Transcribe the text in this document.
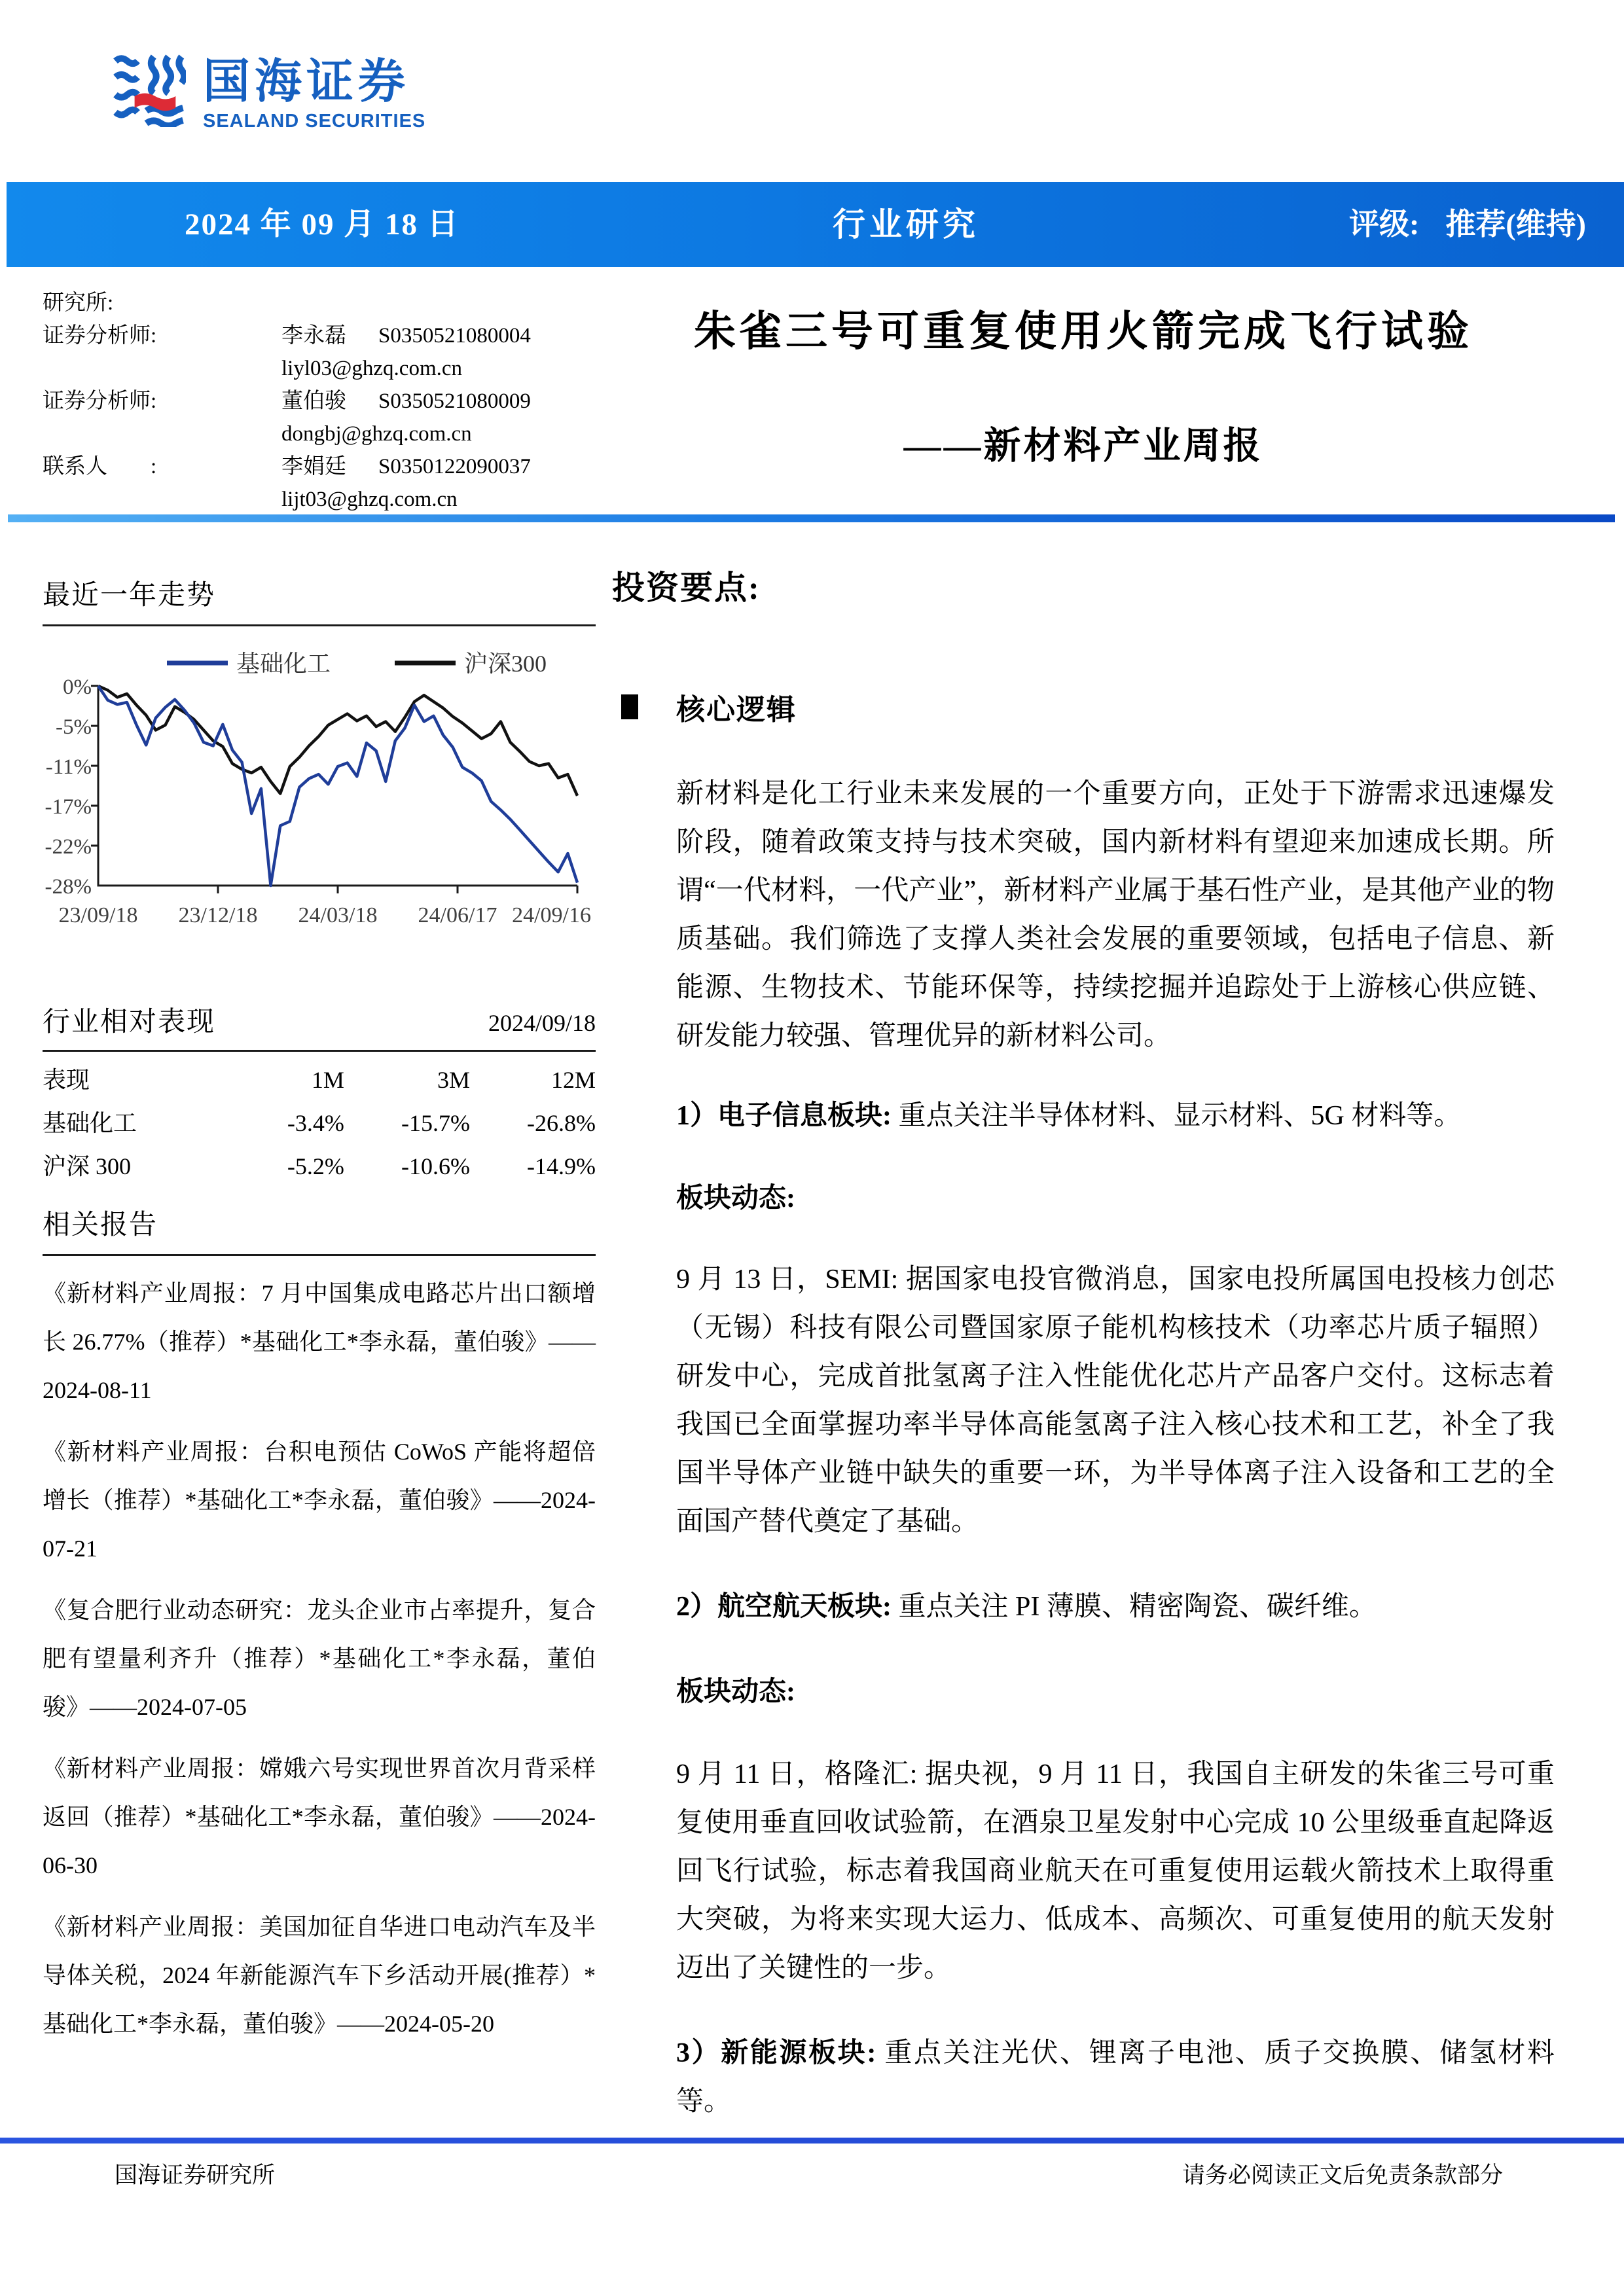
国海证券
SEALAND SECURITIES
2024 年 09 月 18 日	行业研究	评级: 推荐(维持)
研究所:
证券分析师:	李永磊	S0350521080004
liyl03@ghzq.com.cn
证券分析师:	董伯骏	S0350521080009
dongbj@ghzq.com.cn
联系人　　:	李娟廷	S0350122090037
lijt03@ghzq.com.cn
朱雀三号可重复使用火箭完成飞行试验
——新材料产业周报
最近一年走势
基础化工	沪深300
0%
-5%
-11%
-17%
-22%
-28%
23/09/18 23/12/18 24/03/18 24/06/17 24/09/16
行业相对表现	2024/09/18
表现	1M	3M	12M
基础化工	-3.4%	-15.7%	-26.8%
沪深 300	-5.2%	-10.6%	-14.9%
相关报告

《新材料产业周报：7 月中国集成电路芯片出口额增长 26.77%（推荐）*基础化工*李永磊，董伯骏》——2024-08-11

《新材料产业周报：台积电预估 CoWoS 产能将超倍增长（推荐）*基础化工*李永磊，董伯骏》——2024-07-21

《复合肥行业动态研究：龙头企业市占率提升，复合肥有望量利齐升（推荐）*基础化工*李永磊，董伯骏》——2024-07-05

《新材料产业周报：嫦娥六号实现世界首次月背采样返回（推荐）*基础化工*李永磊，董伯骏》——2024-06-30

《新材料产业周报：美国加征自华进口电动汽车及半导体关税，2024 年新能源汽车下乡活动开展(推荐）*基础化工*李永磊，董伯骏》——2024-05-20

投资要点:
核心逻辑

新材料是化工行业未来发展的一个重要方向，正处于下游需求迅速爆发阶段，随着政策支持与技术突破，国内新材料有望迎来加速成长期。所谓“一代材料，一代产业”，新材料产业属于基石性产业，是其他产业的物质基础。我们筛选了支撑人类社会发展的重要领域，包括电子信息、新能源、生物技术、节能环保等，持续挖掘并追踪处于上游核心供应链、研发能力较强、管理优异的新材料公司。

1）电子信息板块: 重点关注半导体材料、显示材料、5G 材料等。

板块动态:

9 月 13 日，SEMI: 据国家电投官微消息，国家电投所属国电投核力创芯（无锡）科技有限公司暨国家原子能机构核技术（功率芯片质子辐照）研发中心，完成首批氢离子注入性能优化芯片产品客户交付。这标志着我国已全面掌握功率半导体高能氢离子注入核心技术和工艺，补全了我国半导体产业链中缺失的重要一环，为半导体离子注入设备和工艺的全面国产替代奠定了基础。

2）航空航天板块: 重点关注 PI 薄膜、精密陶瓷、碳纤维。

板块动态:

9 月 11 日，格隆汇: 据央视，9 月 11 日，我国自主研发的朱雀三号可重复使用垂直回收试验箭，在酒泉卫星发射中心完成 10 公里级垂直起降返回飞行试验，标志着我国商业航天在可重复使用运载火箭技术上取得重大突破，为将来实现大运力、低成本、高频次、可重复使用的航天发射迈出了关键性的一步。

3）新能源板块: 重点关注光伏、锂离子电池、质子交换膜、储氢材料等。

国海证券研究所	请务必阅读正文后免责条款部分
